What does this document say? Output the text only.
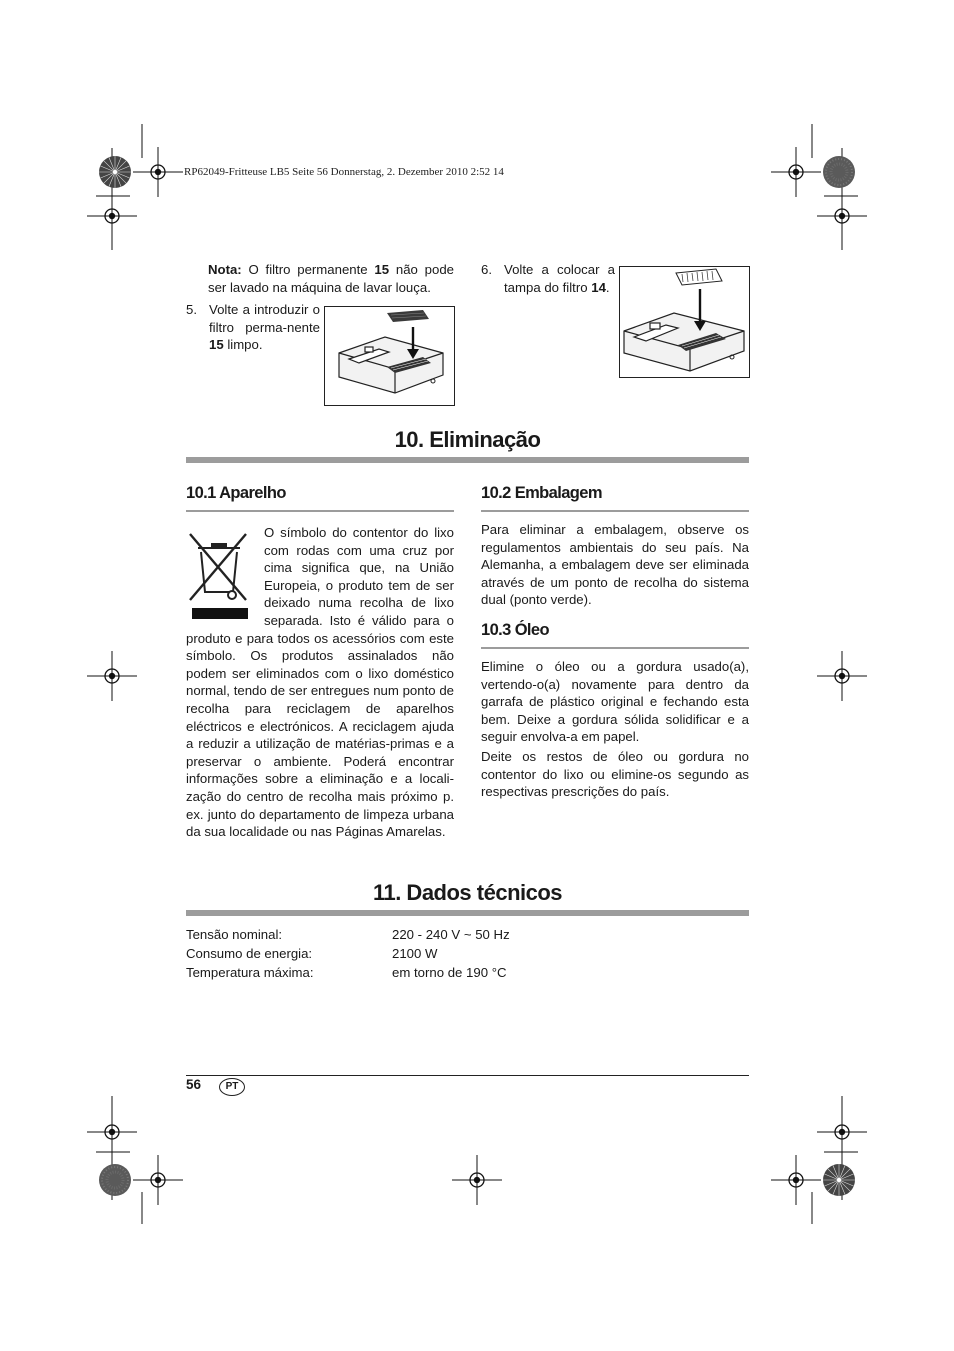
RP62049-Fritteuse LB5 Seite 56 Donnerstag, 2. Dezember 2010 2:52 14
Nota: O filtro permanente 15 não pode ser lavado na máquina de lavar louça.
5. Volte a introduzir o filtro perma-nente 15 limpo.
6. Volte a colocar a tampa do filtro 14.
10. Eliminação
10.1 Aparelho
O símbolo do contentor do lixo com rodas com uma cruz por cima significa que, na União Europeia, o produto tem de ser deixado numa recolha de lixo separada. Isto é válido para o produto e para todos os acessórios com este símbolo. Os produtos assinalados não podem ser eliminados com o lixo doméstico normal, tendo de ser entregues num ponto de recolha para reciclagem de aparelhos eléctricos e electrónicos. A reciclagem ajuda a reduzir a utilização de matérias-primas e a preservar o ambiente. Poderá encontrar informações sobre a eliminação e a locali-zação do centro de recolha mais próximo p. ex. junto do departamento de limpeza urbana da sua localidade ou nas Páginas Amarelas.
10.2 Embalagem
Para eliminar a embalagem, observe os regulamentos ambientais do seu país. Na Alemanha, a embalagem deve ser eliminada através de um ponto de recolha do sistema dual (ponto verde).
10.3 Óleo
Elimine o óleo ou a gordura usado(a), vertendo-o(a) novamente para dentro da garrafa de plástico original e fechando esta bem. Deixe a gordura sólida solidificar e a seguir envolva-a em papel.
Deite os restos de óleo ou gordura no contentor do lixo ou elimine-os segundo as respectivas prescrições do país.
11. Dados técnicos
Tensão nominal:	220 - 240 V ~ 50 Hz
Consumo de energia:	2100 W
Temperatura máxima:	em torno de 190 °C
56	PT
